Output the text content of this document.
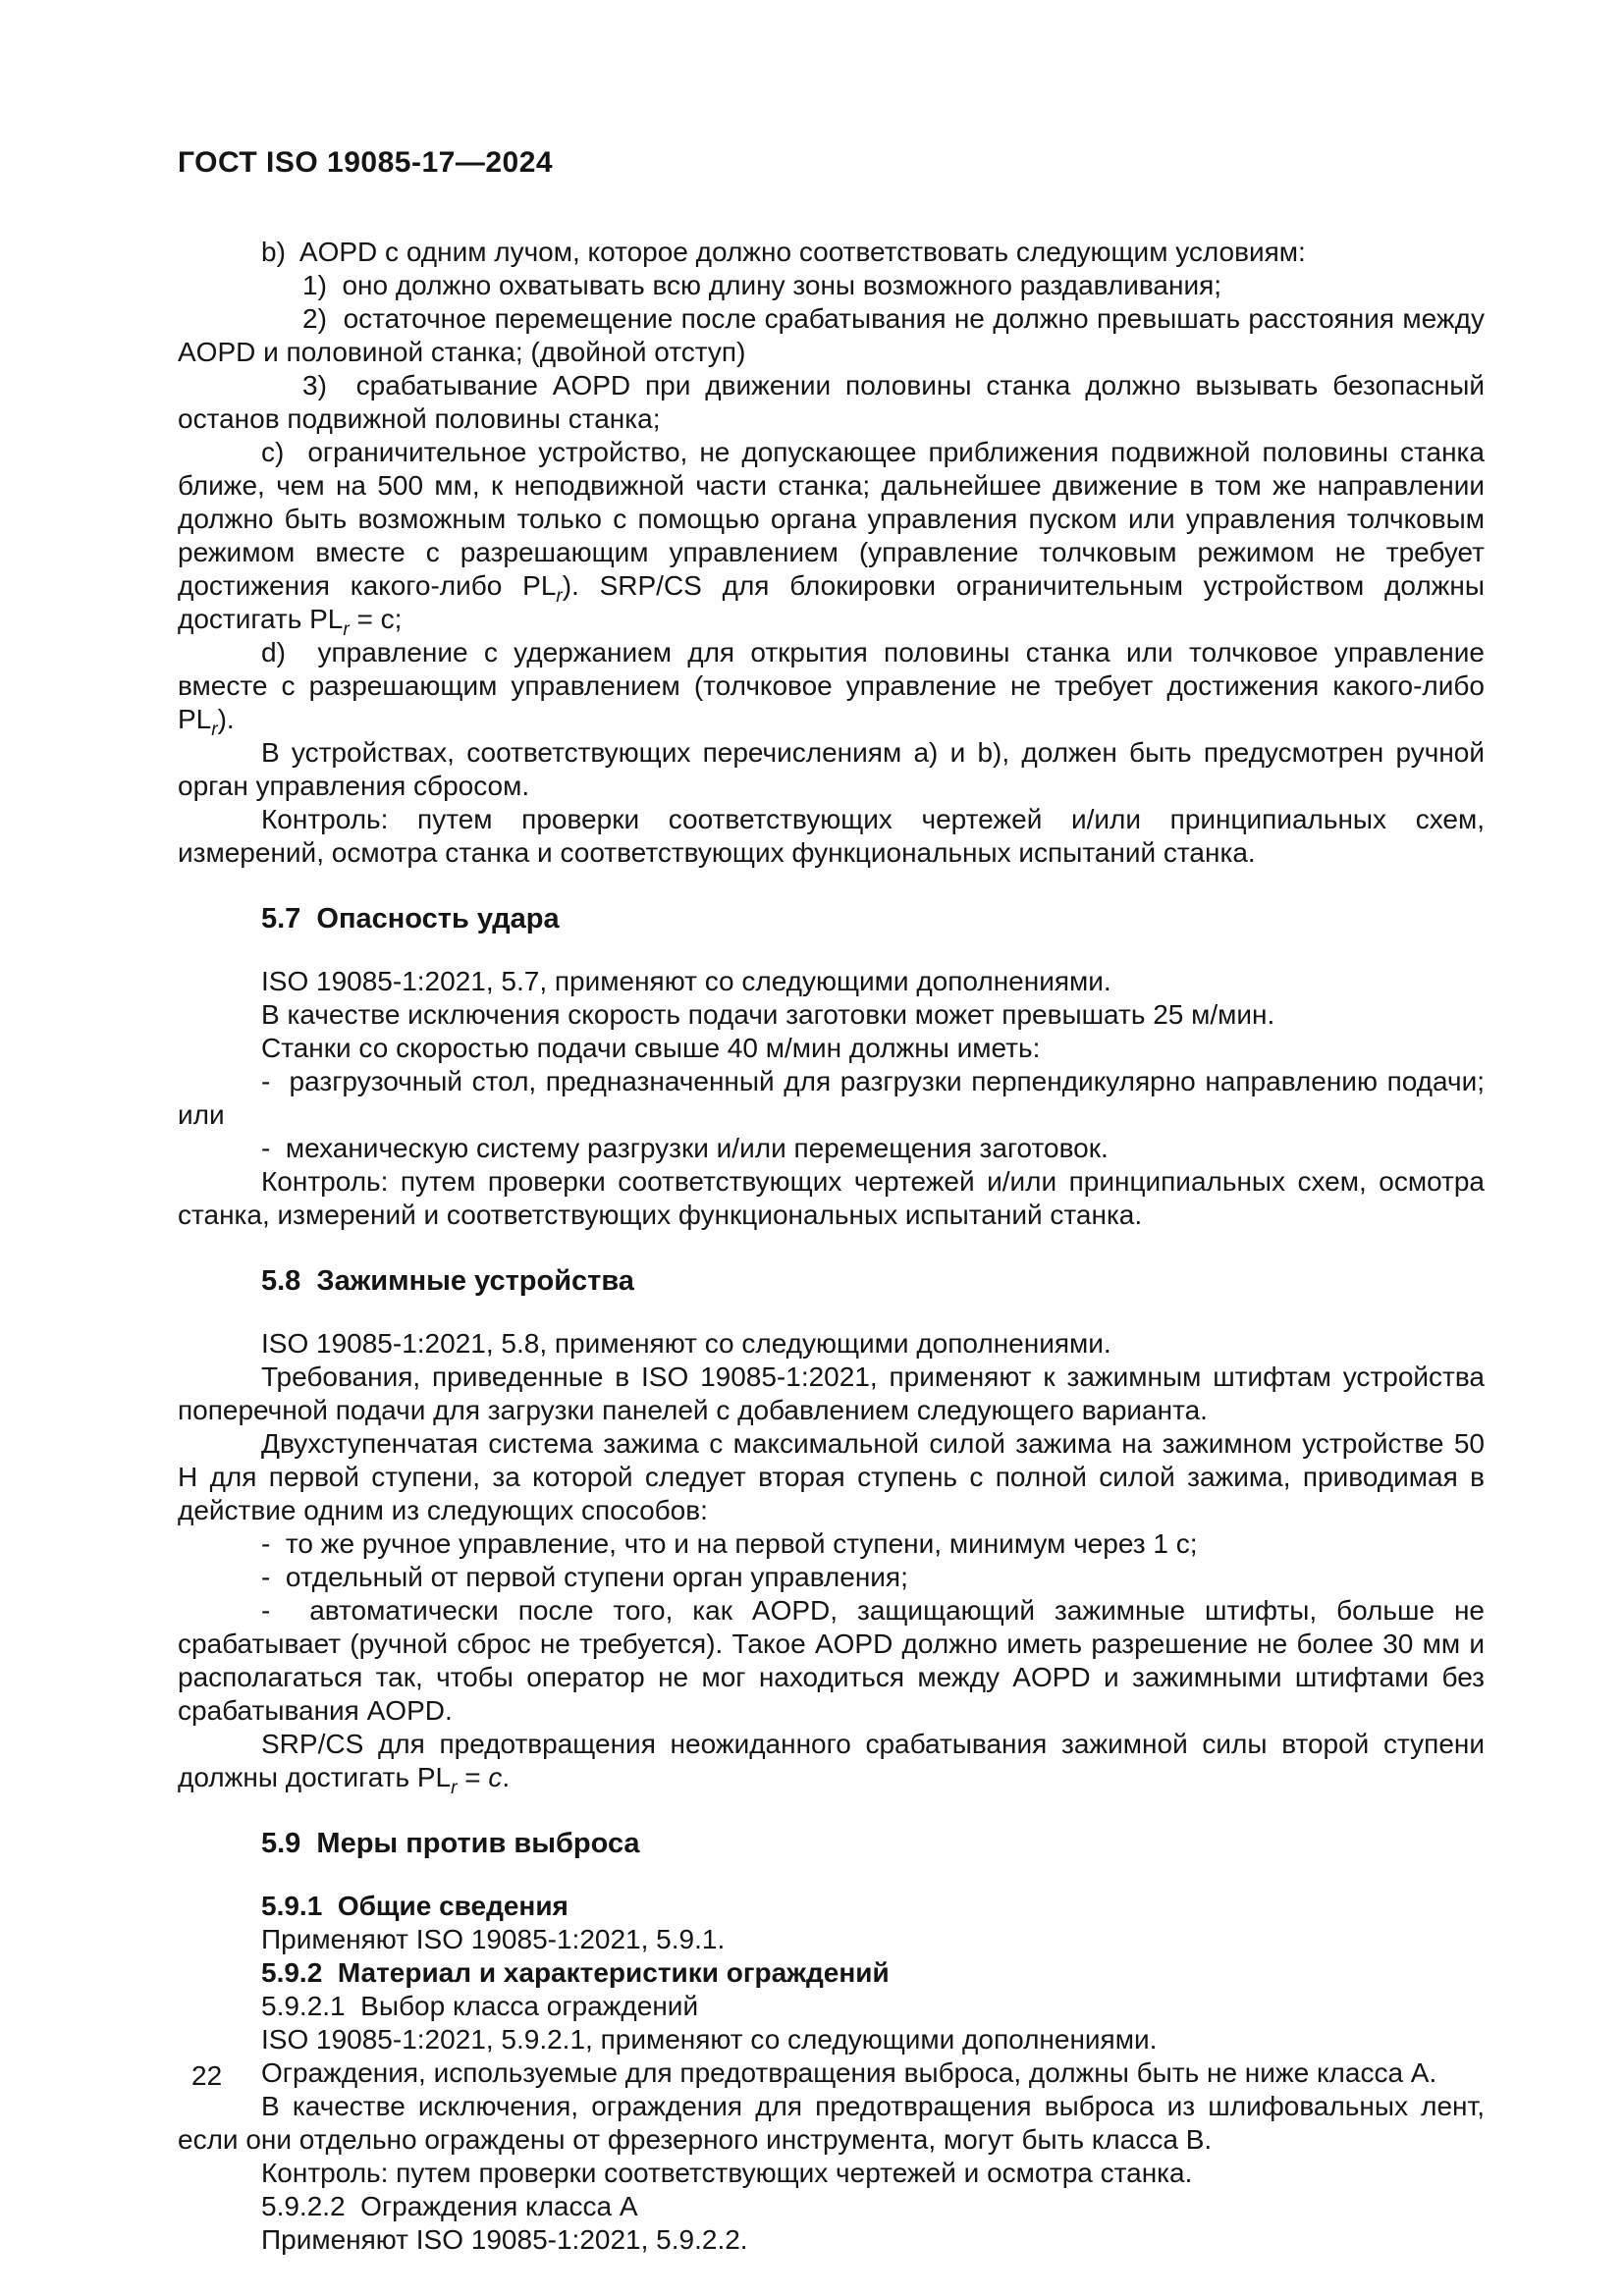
ГОСТ ISO 19085-17—2024

b)  AOPD с одним лучом, которое должно соответствовать следующим условиям:

1)  оно должно охватывать всю длину зоны возможного раздавливания;

2)  остаточное перемещение после срабатывания не должно превышать расстояния между AOPD и половиной станка; (двойной отступ)

3)  срабатывание AOPD при движении половины станка должно вызывать безопасный останов подвижной половины станка;

c)  ограничительное устройство, не допускающее приближения подвижной половины станка ближе, чем на 500 мм, к неподвижной части станка; дальнейшее движение в том же направлении должно быть возможным только с помощью органа управления пуском или управления толчковым режимом вместе с разрешающим управлением (управление толчковым режимом не требует достижения какого-либо $PL_r$). SRP/CS для блокировки ограничительным устройством должны достигать $PL_r = c$;

d)  управление с удержанием для открытия половины станка или толчковое управление вместе с разрешающим управлением (толчковое управление не требует достижения какого-либо $PL_r$).

В устройствах, соответствующих перечислениям a) и b), должен быть предусмотрен ручной орган управления сбросом.

Контроль: путем проверки соответствующих чертежей и/или принципиальных схем, измерений, осмотра станка и соответствующих функциональных испытаний станка.

5.7  Опасность удара

ISO 19085-1:2021, 5.7, применяют со следующими дополнениями.

В качестве исключения скорость подачи заготовки может превышать 25 м/мин.

Станки со скоростью подачи свыше 40 м/мин должны иметь:

-  разгрузочный стол, предназначенный для разгрузки перпендикулярно направлению подачи; или

-  механическую систему разгрузки и/или перемещения заготовок.

Контроль: путем проверки соответствующих чертежей и/или принципиальных схем, осмотра станка, измерений и соответствующих функциональных испытаний станка.

5.8  Зажимные устройства

ISO 19085-1:2021, 5.8, применяют со следующими дополнениями.

Требования, приведенные в ISO 19085-1:2021, применяют к зажимным штифтам устройства поперечной подачи для загрузки панелей с добавлением следующего варианта.

Двухступенчатая система зажима с максимальной силой зажима на зажимном устройстве 50 Н для первой ступени, за которой следует вторая ступень с полной силой зажима, приводимая в действие одним из следующих способов:

-  то же ручное управление, что и на первой ступени, минимум через 1 с;

-  отдельный от первой ступени орган управления;

-  автоматически после того, как AOPD, защищающий зажимные штифты, больше не срабатывает (ручной сброс не требуется). Такое AOPD должно иметь разрешение не более 30 мм и располагаться так, чтобы оператор не мог находиться между AOPD и зажимными штифтами без срабатывания AOPD.

SRP/CS для предотвращения неожиданного срабатывания зажимной силы второй ступени должны достигать $PL_r = c$.

5.9  Меры против выброса
5.9.1  Общие сведения

Применяют ISO 19085-1:2021, 5.9.1.

5.9.2  Материал и характеристики ограждений

5.9.2.1  Выбор класса ограждений

ISO 19085-1:2021, 5.9.2.1, применяют со следующими дополнениями.

Ограждения, используемые для предотвращения выброса, должны быть не ниже класса A.

В качестве исключения, ограждения для предотвращения выброса из шлифовальных лент, если они отдельно ограждены от фрезерного инструмента, могут быть класса B.

Контроль: путем проверки соответствующих чертежей и осмотра станка.

5.9.2.2  Ограждения класса A

Применяют ISO 19085-1:2021, 5.9.2.2.

22
